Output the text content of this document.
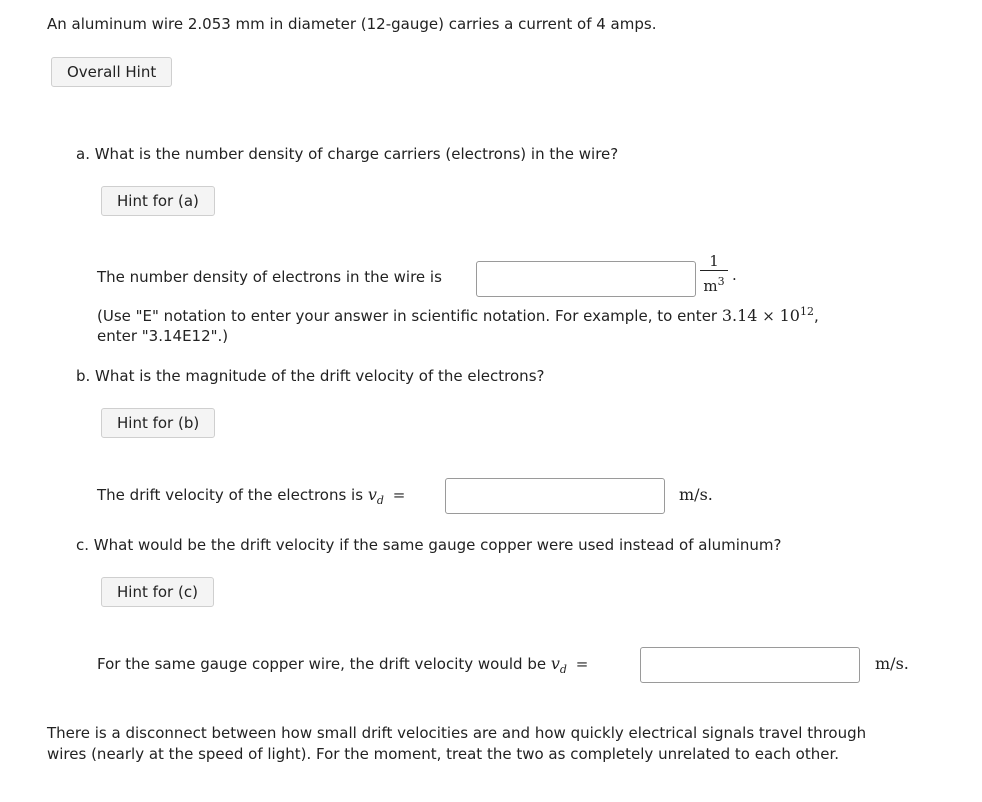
An aluminum wire 2.053 mm in diameter (12-gauge) carries a current of 4 amps.
Overall Hint
a. What is the number density of charge carriers (electrons) in the wire?
Hint for (a)
The number density of electrons in the wire is
1
$m^3$ .
(Use "E" notation to enter your answer in scientific notation. For example, to enter $3.14 \times 10^{12}$,
enter "3.14E12".)
b. What is the magnitude of the drift velocity of the electrons?
Hint for (b)
The drift velocity of the electrons is $v_d$ =	m/s.
c. What would be the drift velocity if the same gauge copper were used instead of aluminum?
Hint for (c)
For the same gauge copper wire, the drift velocity would be $v_d$ =	m/s.
There is a disconnect between how small drift velocities are and how quickly electrical signals travel through wires (nearly at the speed of light). For the moment, treat the two as completely unrelated to each other.
